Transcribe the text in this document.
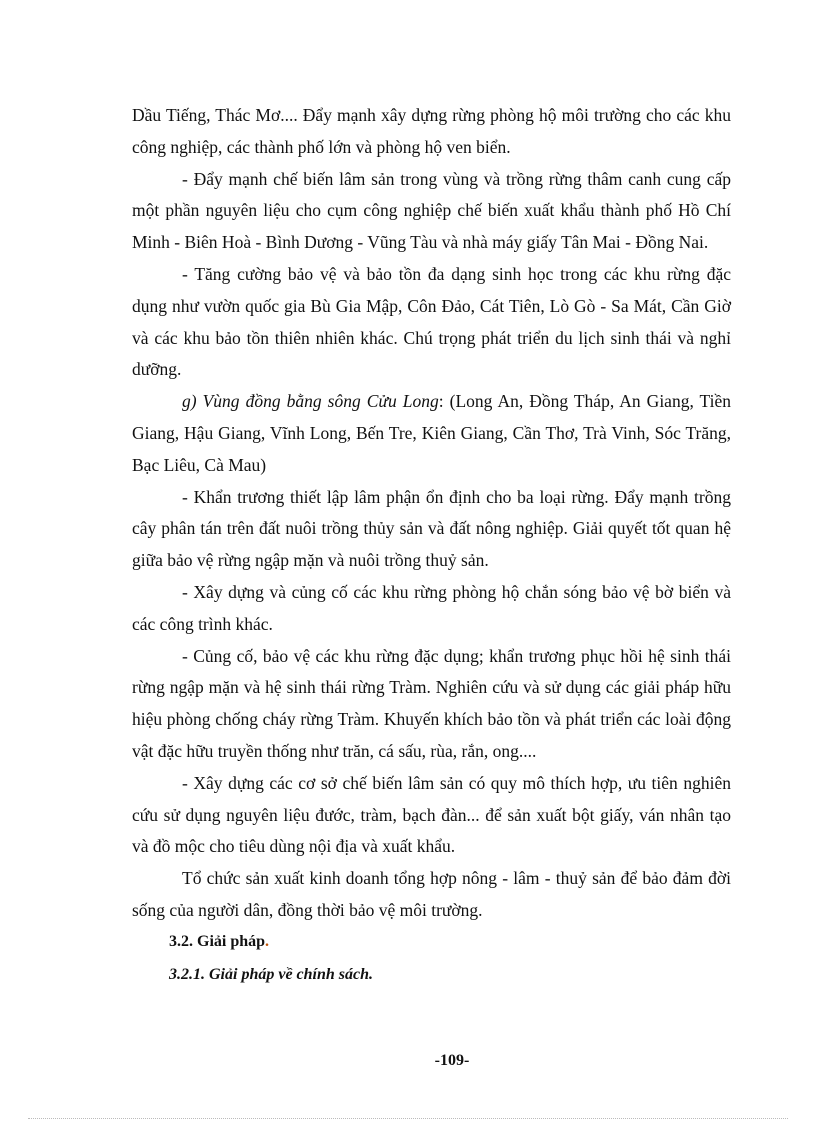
Dầu Tiếng, Thác Mơ.... Đẩy mạnh xây dựng rừng phòng hộ môi trường cho các khu công nghiệp, các thành phố lớn và phòng hộ ven biển.

- Đẩy mạnh chế biến lâm sản trong vùng và trồng rừng thâm canh cung cấp một phần nguyên liệu cho cụm công nghiệp chế biến xuất khẩu thành phố Hồ Chí Minh - Biên Hoà - Bình Dương - Vũng Tàu và nhà máy giấy Tân Mai - Đồng Nai.

- Tăng cường bảo vệ và bảo tồn đa dạng sinh học trong các khu rừng đặc dụng như vườn quốc gia Bù Gia Mập, Côn Đảo, Cát Tiên, Lò Gò - Sa Mát, Cần Giờ và các khu bảo tồn thiên nhiên khác. Chú trọng phát triển du lịch sinh thái và nghỉ dưỡng.

g) Vùng đồng bằng sông Cửu Long: (Long An, Đồng Tháp, An Giang, Tiền Giang, Hậu Giang, Vĩnh Long, Bến Tre, Kiên Giang, Cần Thơ, Trà Vinh, Sóc Trăng, Bạc Liêu, Cà Mau)

- Khẩn trương thiết lập lâm phận ổn định cho ba loại rừng. Đẩy mạnh trồng cây phân tán trên đất nuôi trồng thủy sản và đất nông nghiệp. Giải quyết tốt quan hệ giữa bảo vệ rừng ngập mặn và nuôi trồng thuỷ sản.

- Xây dựng và củng cố các khu rừng phòng hộ chắn sóng bảo vệ bờ biển và các công trình khác.

- Củng cố, bảo vệ các khu rừng đặc dụng; khẩn trương phục hồi hệ sinh thái rừng ngập mặn và hệ sinh thái rừng Tràm. Nghiên cứu và sử dụng các giải pháp hữu hiệu phòng chống cháy rừng Tràm. Khuyến khích bảo tồn và phát triển các loài động vật đặc hữu truyền thống như trăn, cá sấu, rùa, rắn, ong....

- Xây dựng các cơ sở chế biến lâm sản có quy mô thích hợp, ưu tiên nghiên cứu sử dụng nguyên liệu đước, tràm, bạch đàn... để sản xuất bột giấy, ván nhân tạo và đồ mộc cho tiêu dùng nội địa và xuất khẩu.

Tổ chức sản xuất kinh doanh tổng hợp nông - lâm - thuỷ sản để bảo đảm đời sống của người dân, đồng thời bảo vệ môi trường.

3.2. Giải pháp.

3.2.1. Giải pháp về chính sách.

-109-
